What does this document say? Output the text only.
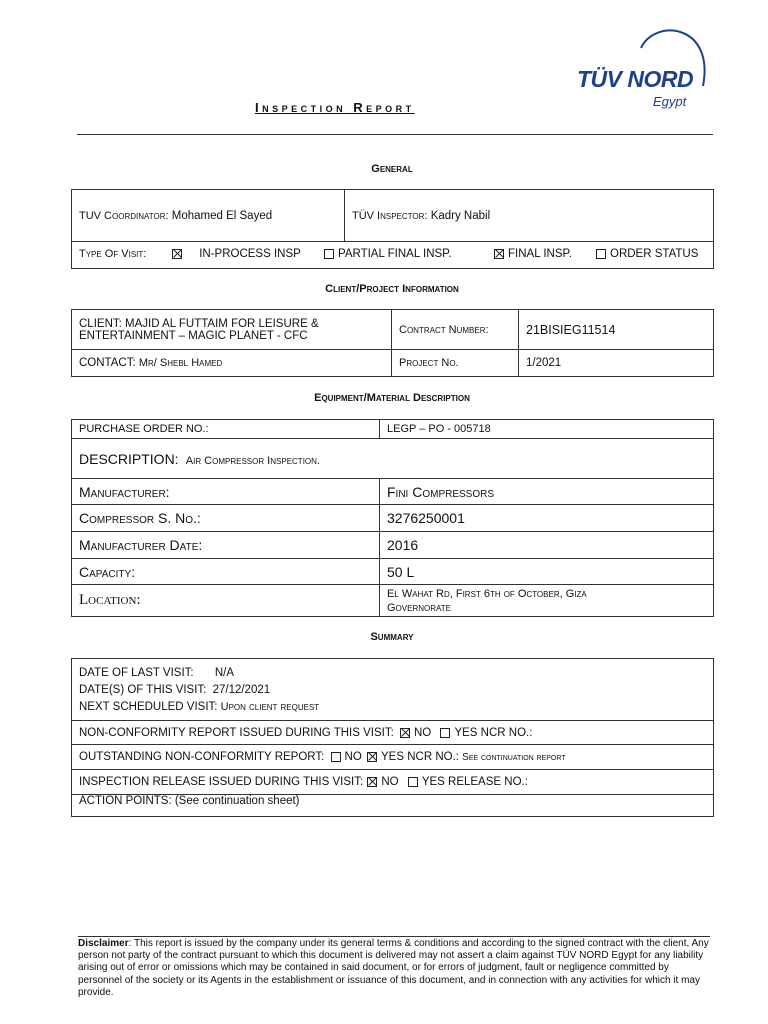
TÜV NORD
Egypt
Inspection Report
General
TUV Coordinator: Mohamed El Sayed	TÜV Inspector: Kadry Nabil

Type Of Visit:	IN-PROCESS INSP	PARTIAL FINAL INSP.	FINAL INSP.	ORDER STATUS
Client/Project Information
CLIENT: MAJID AL FUTTAIM FOR LEISURE &
ENTERTAINMENT – MAGIC PLANET - CFC	Contract Number:	21BISIEG11514
CONTACT: Mr/ Shebl Hamed	Project No.	1/2021
Equipment/Material Description
PURCHASE ORDER NO.:	LEGP – PO - 005718
DESCRIPTION: Air Compressor Inspection.	
Manufacturer:	Fini Compressors
Compressor S. No.:	3276250001
Manufacturer Date:	2016
Capacity:	50 L
Location:	El Wahat Rd, First 6th of October, Giza
Governorate
Summary
DATE OF LAST VISIT: N/A
DATE(S) OF THIS VISIT: 27/12/2021
NEXT SCHEDULED VISIT: Upon client request

NON-CONFORMITY REPORT ISSUED DURING THIS VISIT: NO YES NCR NO.:
OUTSTANDING NON-CONFORMITY REPORT: NO YES NCR NO.: See continuation report
INSPECTION RELEASE ISSUED DURING THIS VISIT: NO YES RELEASE NO.:
ACTION POINTS: (See continuation sheet)
Disclaimer: This report is issued by the company under its general terms & conditions and according to the signed contract with the client, Any person not party of the contract pursuant to which this document is delivered may not assert a claim against TÜV NORD Egypt for any liability arising out of error or omissions which may be contained in said document, or for errors of judgment, fault or negligence committed by personnel of the society or its Agents in the establishment or issuance of this document, and in connection with any activities for which it may provide.
